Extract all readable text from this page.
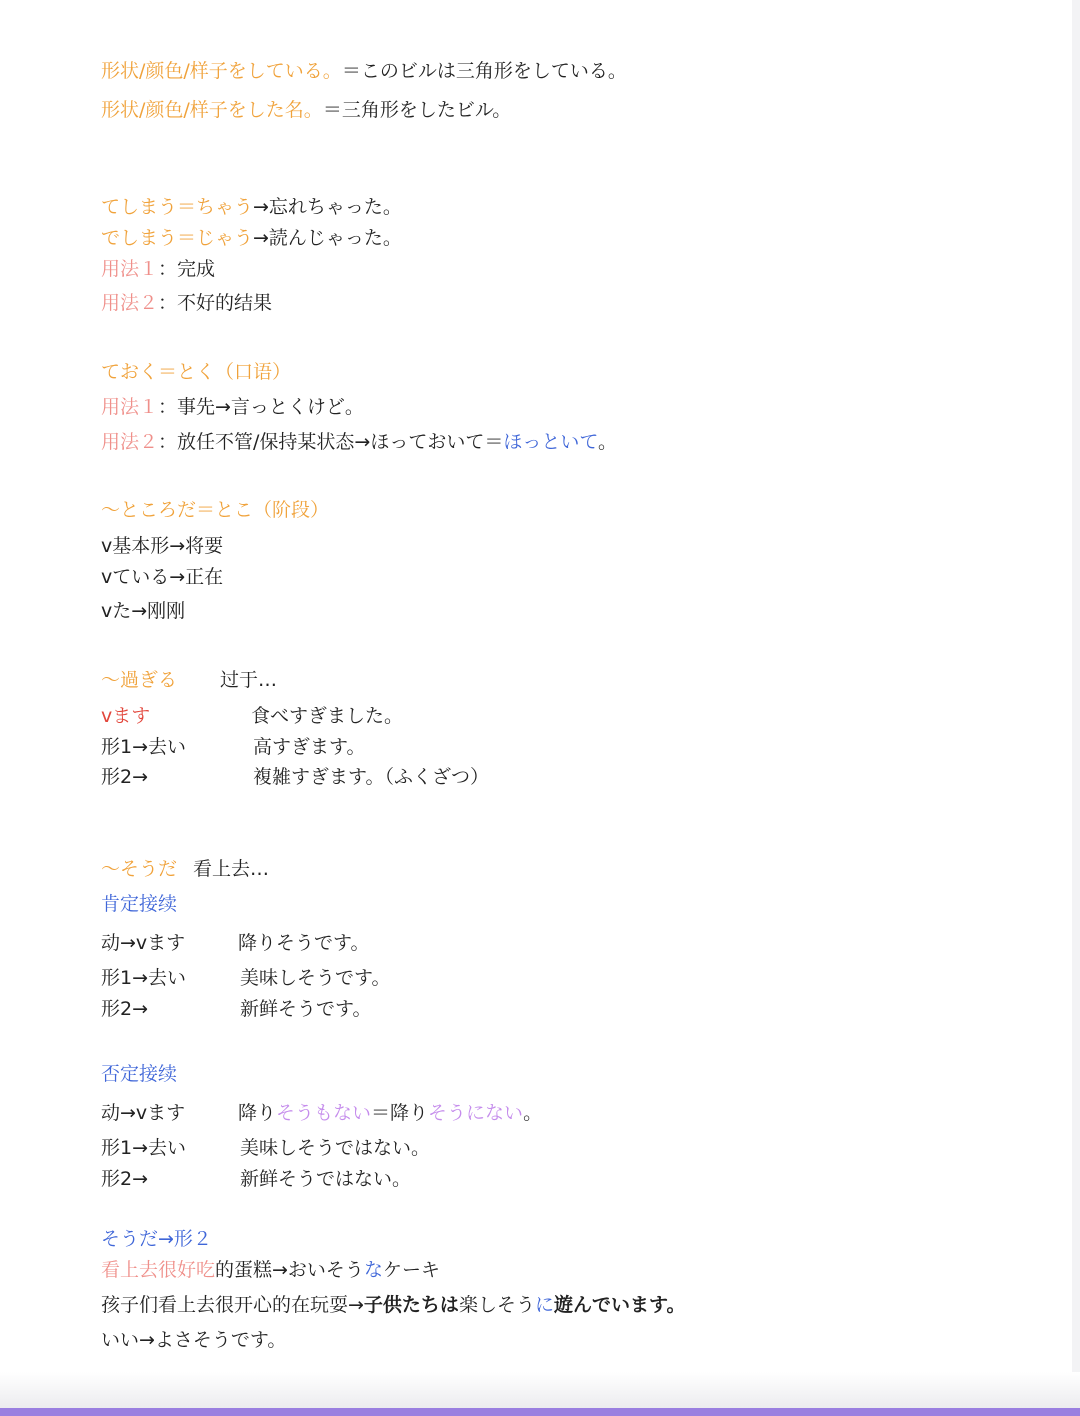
形状/颜色/样子をしている。＝このビルは三角形をしている。
形状/颜色/样子をした名。＝三角形をしたビル。
てしまう＝ちゃう→忘れちゃった。
でしまう＝じゃう→読んじゃった。
用法１：完成
用法２：不好的结果
ておく＝とく（口语）
用法１：事先→言っとくけど。
用法２：放任不管/保持某状态→ほっておいて＝ほっといて。
～ところだ＝とこ（阶段）
v基本形→将要
vている→正在
vた→刚刚
～過ぎる 过于…
vます	食べすぎました。
形1→去い	高すぎます。
形2→	複雑すぎます。（ふくざつ）
～そうだ 看上去…
肯定接续
动→vます	降りそうです。
形1→去い	美味しそうです。
形2→	新鲜そうです。
否定接续
动→vます	降りそうもない＝降りそうにない。
形1→去い	美味しそうではない。
形2→	新鲜そうではない。
そうだ→形２
看上去很好吃的蛋糕→おいそうなケーキ
孩子们看上去很开心的在玩耍→子供たちは楽しそうに遊んでいます。
いい→よさそうです。
